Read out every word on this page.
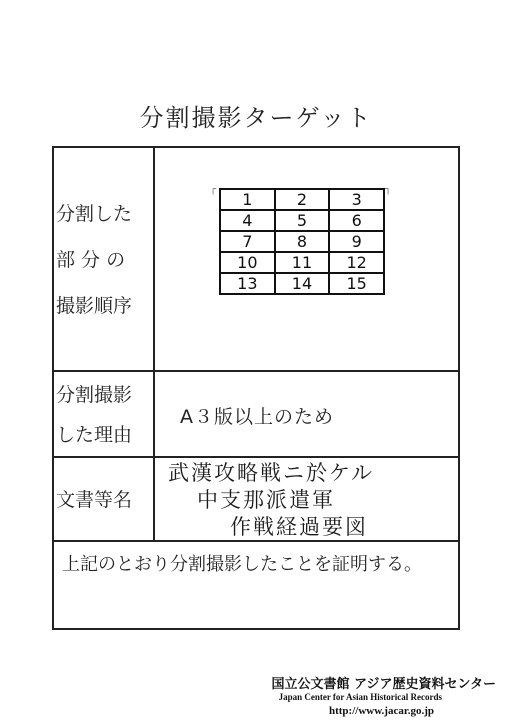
分割撮影ターゲット
分割した
部 分 の
撮影順序
┌	┐
1	2	3
4	5	6
7	8	9
10	11	12
13	14	15
分割撮影
した理由
A３版以上のため
文書等名
武漢攻略戦ニ於ケル
中支那派遣軍
作戦経過要図
上記のとおり分割撮影したことを証明する。
国立公文書館 アジア歴史資料センター
Japan Center for Asian Historical Records
http://www.jacar.go.jp
